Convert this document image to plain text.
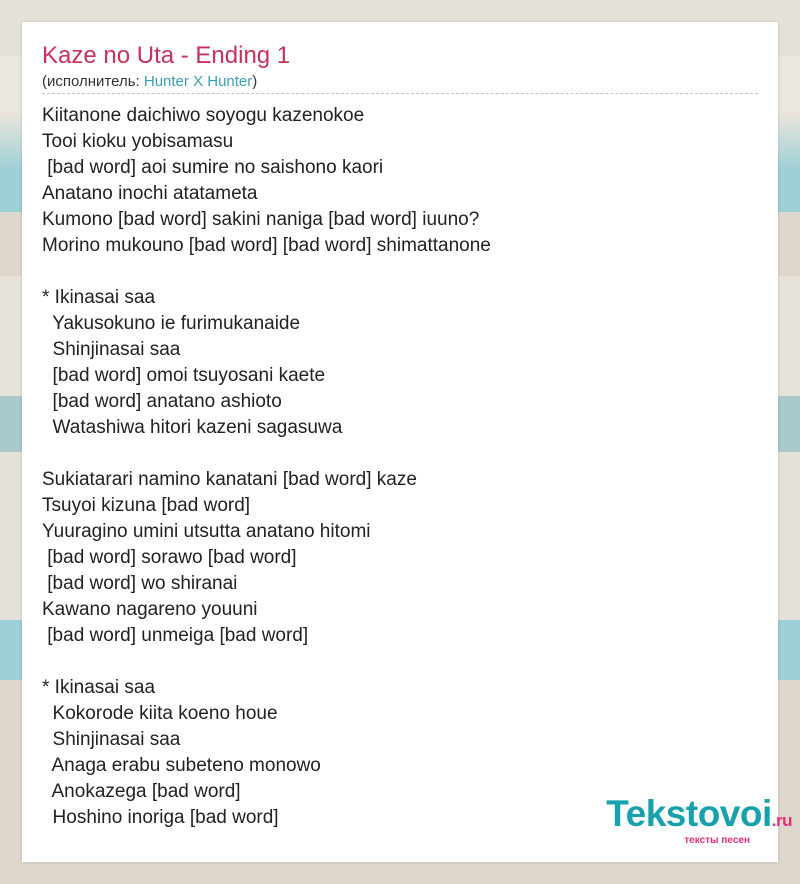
Kaze no Uta - Ending 1
(исполнитель: Hunter X Hunter)
Kiitanone daichiwo soyogu kazenokoe
Tooi kioku yobisamasu
[bad word] aoi sumire no saishono kaori
Anatano inochi atatameta
Kumono [bad word] sakini naniga [bad word] iuuno?
Morino mukouno [bad word] [bad word] shimattanone

* Ikinasai saa
Yakusokuno ie furimukanaide
Shinjinasai saa
[bad word] omoi tsuyosani kaete
[bad word] anatano ashioto
Watashiwa hitori kazeni sagasuwa

Sukiatarari namino kanatani [bad word] kaze
Tsuyoi kizuna [bad word]
Yuuragino umini utsutta anatano hitomi
[bad word] sorawo [bad word]
[bad word] wo shiranai
Kawano nagareno youuni
[bad word] unmeiga [bad word]

* Ikinasai saa
Kokorode kiita koeno houe
Shinjinasai saa
Anaga erabu subeteno monowo
Anokazega [bad word]
Hoshino inoriga [bad word]	Tekstovoi.ru
тексты песен
